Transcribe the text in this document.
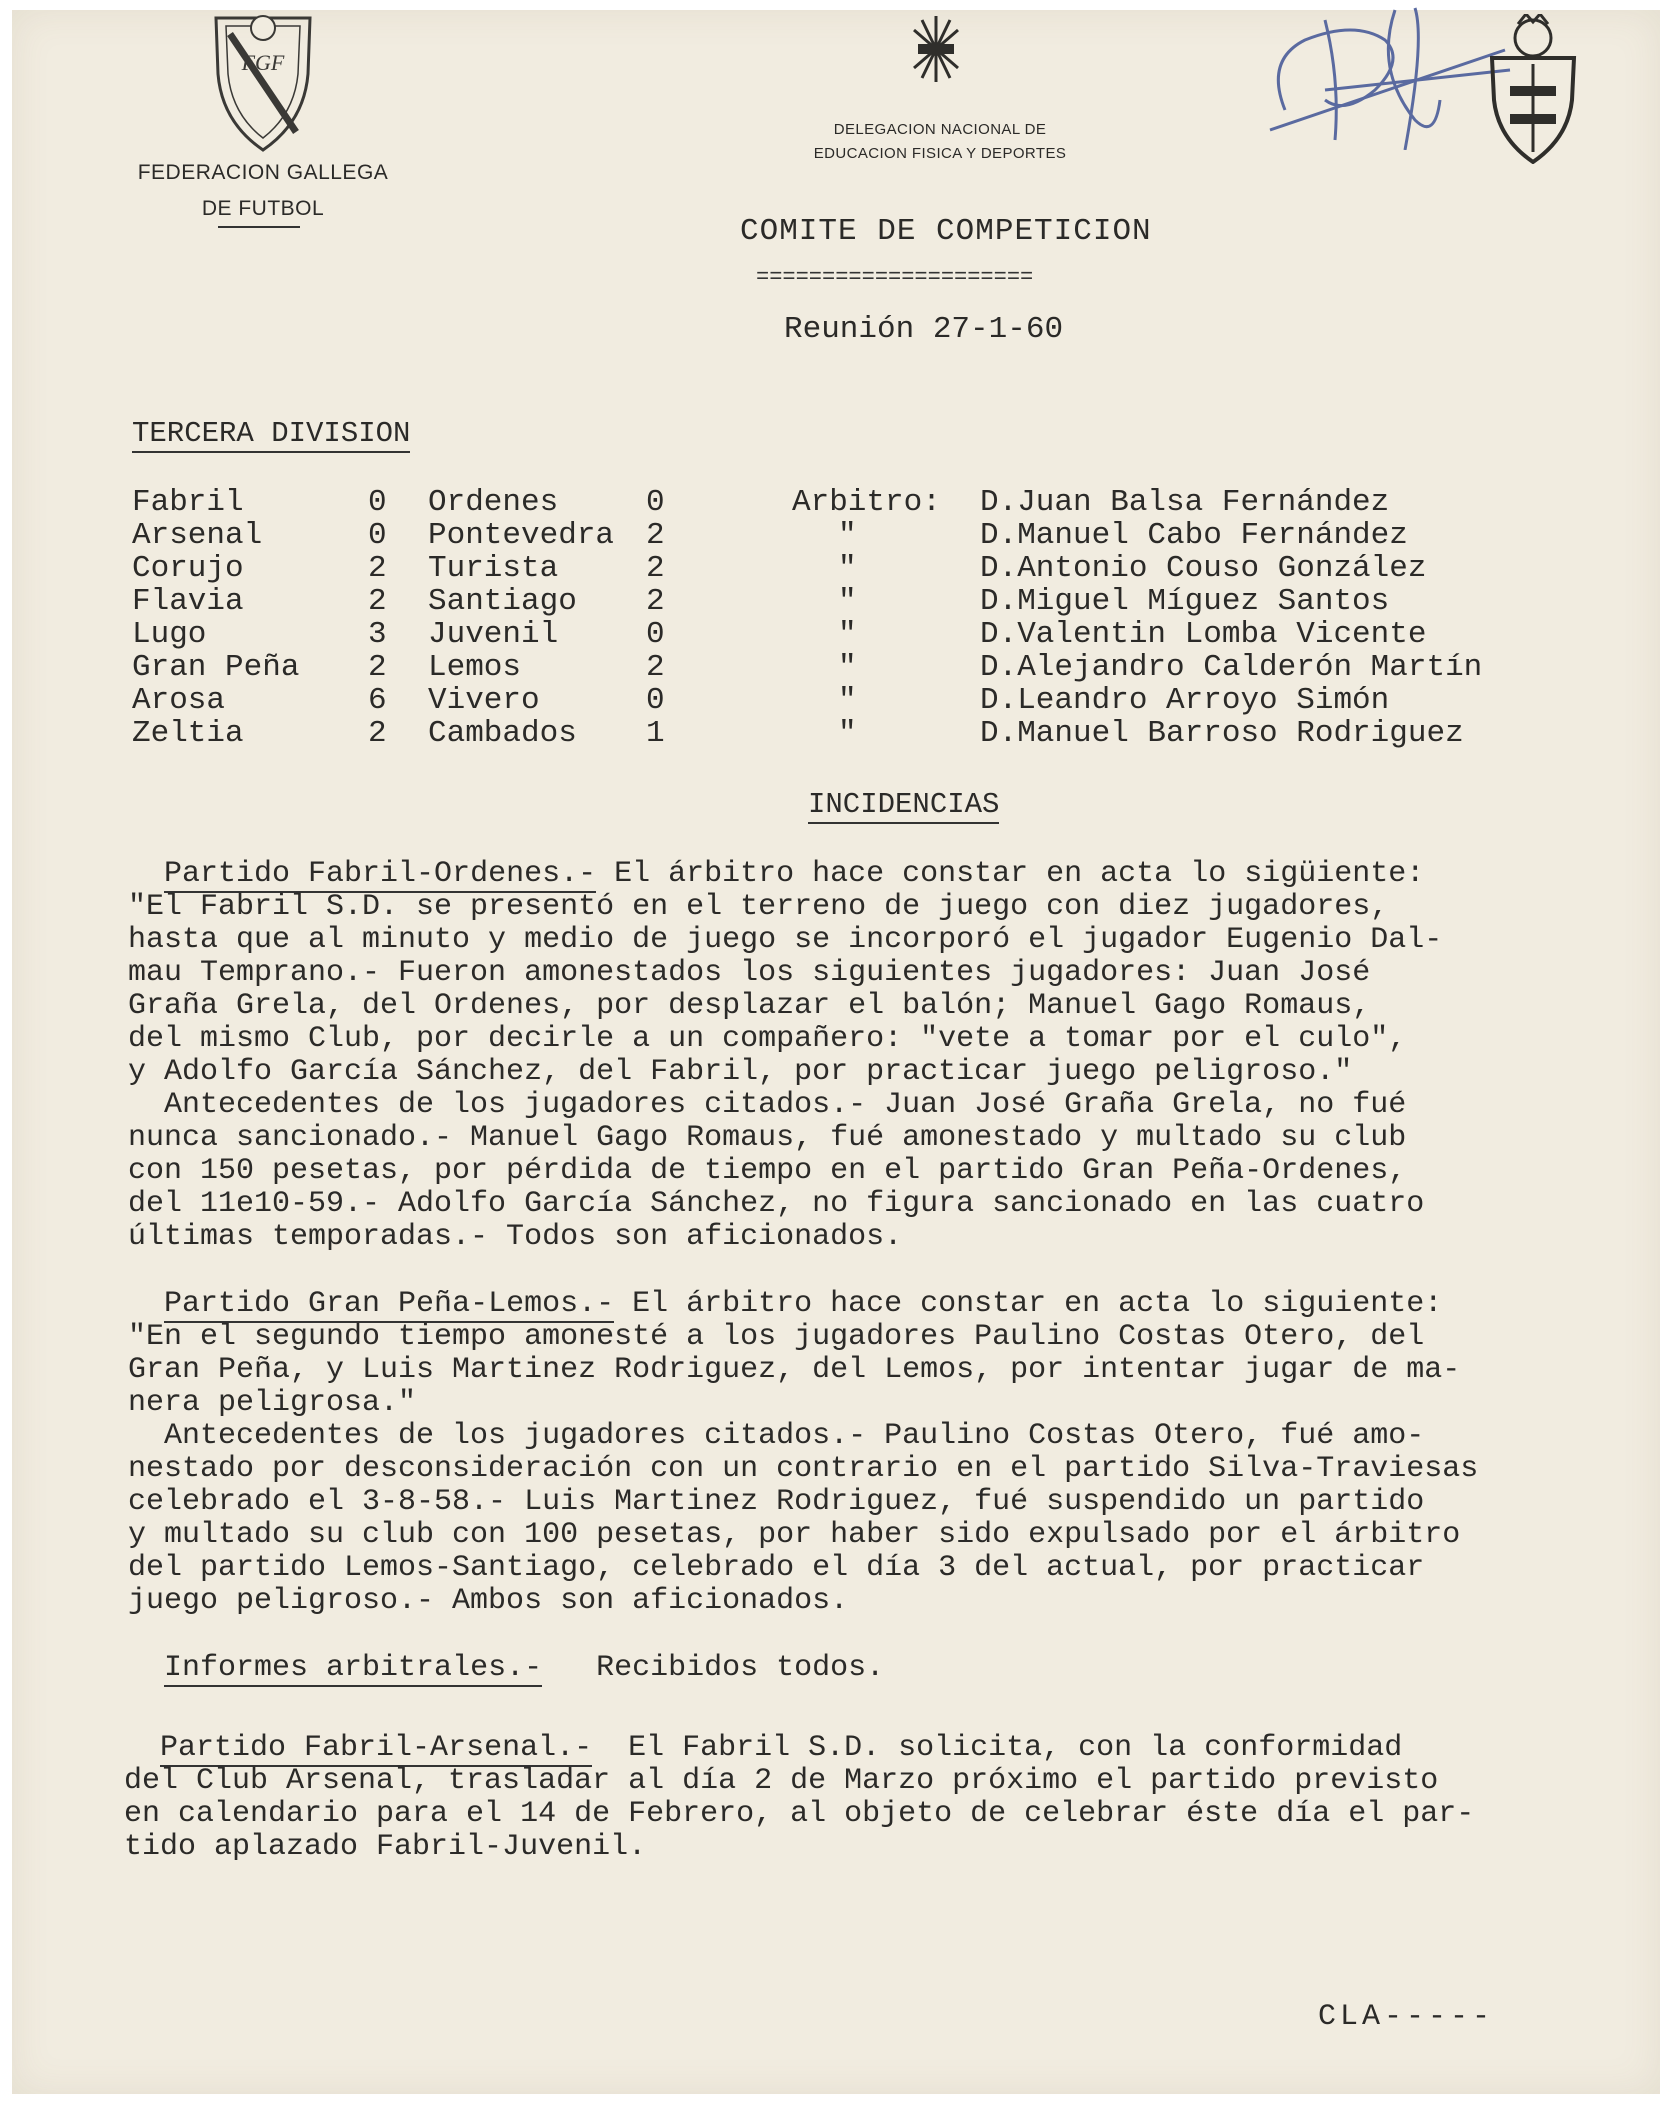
FGF
FEDERACION GALLEGA
DE FUTBOL
DELEGACION NACIONAL DE
EDUCACION FISICA Y DEPORTES
COMITE DE COMPETICION
=====================
Reunión 27-1-60
TERCERA DIVISION
Fabril	0 Ordenes	0	Arbitro: D.Juan Balsa Fernández
Arsenal	0 Pontevedra 2	"	D.Manuel Cabo Fernández
Corujo	2 Turista	2	"	D.Antonio Couso González
Flavia	2 Santiago 2	"	D.Miguel Míguez Santos
Lugo	3 Juvenil	0	"	D.Valentin Lomba Vicente
Gran Peña 2 Lemos	2	"	D.Alejandro Calderón Martín
Arosa	6 Vivero	0	"	D.Leandro Arroyo Simón
Zeltia	2 Cambados 1	"	D.Manuel Barroso Rodriguez
INCIDENCIAS
Partido Fabril-Ordenes.- El árbitro hace constar en acta lo sigüiente:
"El Fabril S.D. se presentó en el terreno de juego con diez jugadores,
hasta que al minuto y medio de juego se incorporó el jugador Eugenio Dal-
mau Temprano.- Fueron amonestados los siguientes jugadores: Juan José
Graña Grela, del Ordenes, por desplazar el balón; Manuel Gago Romaus,
del mismo Club, por decirle a un compañero: "vete a tomar por el culo",
y Adolfo García Sánchez, del Fabril, por practicar juego peligroso."
Antecedentes de los jugadores citados.- Juan José Graña Grela, no fué
nunca sancionado.- Manuel Gago Romaus, fué amonestado y multado su club
con 150 pesetas, por pérdida de tiempo en el partido Gran Peña-Ordenes,
del 11e10-59.- Adolfo García Sánchez, no figura sancionado en las cuatro
últimas temporadas.- Todos son aficionados.
Partido Gran Peña-Lemos.- El árbitro hace constar en acta lo siguiente:
"En el segundo tiempo amonesté a los jugadores Paulino Costas Otero, del
Gran Peña, y Luis Martinez Rodriguez, del Lemos, por intentar jugar de ma-
nera peligrosa."
Antecedentes de los jugadores citados.- Paulino Costas Otero, fué amo-
nestado por desconsideración con un contrario en el partido Silva-Traviesas
celebrado el 3-8-58.- Luis Martinez Rodriguez, fué suspendido un partido
y multado su club con 100 pesetas, por haber sido expulsado por el árbitro
del partido Lemos-Santiago, celebrado el día 3 del actual, por practicar
juego peligroso.- Ambos son aficionados.
Informes arbitrales.-   Recibidos todos.
Partido Fabril-Arsenal.-  El Fabril S.D. solicita, con la conformidad
del Club Arsenal, trasladar al día 2 de Marzo próximo el partido previsto
en calendario para el 14 de Febrero, al objeto de celebrar éste día el par-
tido aplazado Fabril-Juvenil.
CLA-----
